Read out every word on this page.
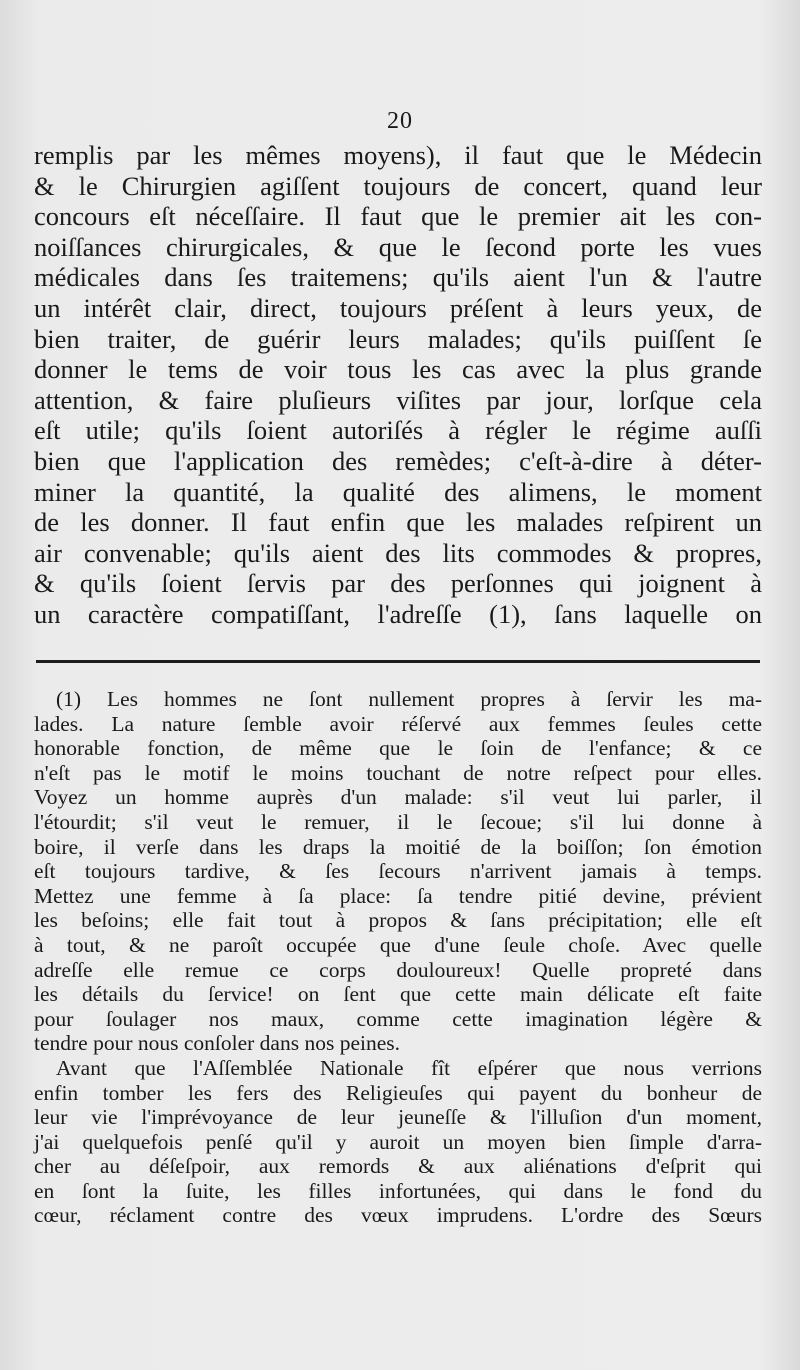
20
remplis par les mêmes moyens), il faut que le Médecin
& le Chirurgien agiſſent toujours de concert, quand leur
concours eſt néceſſaire. Il faut que le premier ait les con-
noiſſances chirurgicales, & que le ſecond porte les vues
médicales dans ſes traitemens; qu'ils aient l'un & l'autre
un intérêt clair, direct, toujours préſent à leurs yeux, de
bien traiter, de guérir leurs malades; qu'ils puiſſent ſe
donner le tems de voir tous les cas avec la plus grande
attention, & faire pluſieurs viſites par jour, lorſque cela
eſt utile; qu'ils ſoient autoriſés à régler le régime auſſi
bien que l'application des remèdes; c'eſt-à-dire à déter-
miner la quantité, la qualité des alimens, le moment
de les donner. Il faut enfin que les malades reſpirent un
air convenable; qu'ils aient des lits commodes & propres,
& qu'ils ſoient ſervis par des perſonnes qui joignent à
un caractère compatiſſant, l'adreſſe (1), ſans laquelle on
(1) Les hommes ne ſont nullement propres à ſervir les ma-
lades. La nature ſemble avoir réſervé aux femmes ſeules cette
honorable fonction, de même que le ſoin de l'enfance; & ce
n'eſt pas le motif le moins touchant de notre reſpect pour elles.
Voyez un homme auprès d'un malade: s'il veut lui parler, il
l'étourdit; s'il veut le remuer, il le ſecoue; s'il lui donne à
boire, il verſe dans les draps la moitié de la boiſſon; ſon émotion
eſt toujours tardive, & ſes ſecours n'arrivent jamais à temps.
Mettez une femme à ſa place: ſa tendre pitié devine, prévient
les beſoins; elle fait tout à propos & ſans précipitation; elle eſt
à tout, & ne paroît occupée que d'une ſeule choſe. Avec quelle
adreſſe elle remue ce corps douloureux! Quelle propreté dans
les détails du ſervice! on ſent que cette main délicate eſt faite
pour ſoulager nos maux, comme cette imagination légère &
tendre pour nous conſoler dans nos peines.
Avant que l'Aſſemblée Nationale fît eſpérer que nous verrions
enfin tomber les fers des Religieuſes qui payent du bonheur de
leur vie l'imprévoyance de leur jeuneſſe & l'illuſion d'un moment,
j'ai quelquefois penſé qu'il y auroit un moyen bien ſimple d'arra-
cher au déſeſpoir, aux remords & aux aliénations d'eſprit qui
en ſont la ſuite, les filles infortunées, qui dans le fond du
cœur, réclament contre des vœux imprudens. L'ordre des Sœurs
